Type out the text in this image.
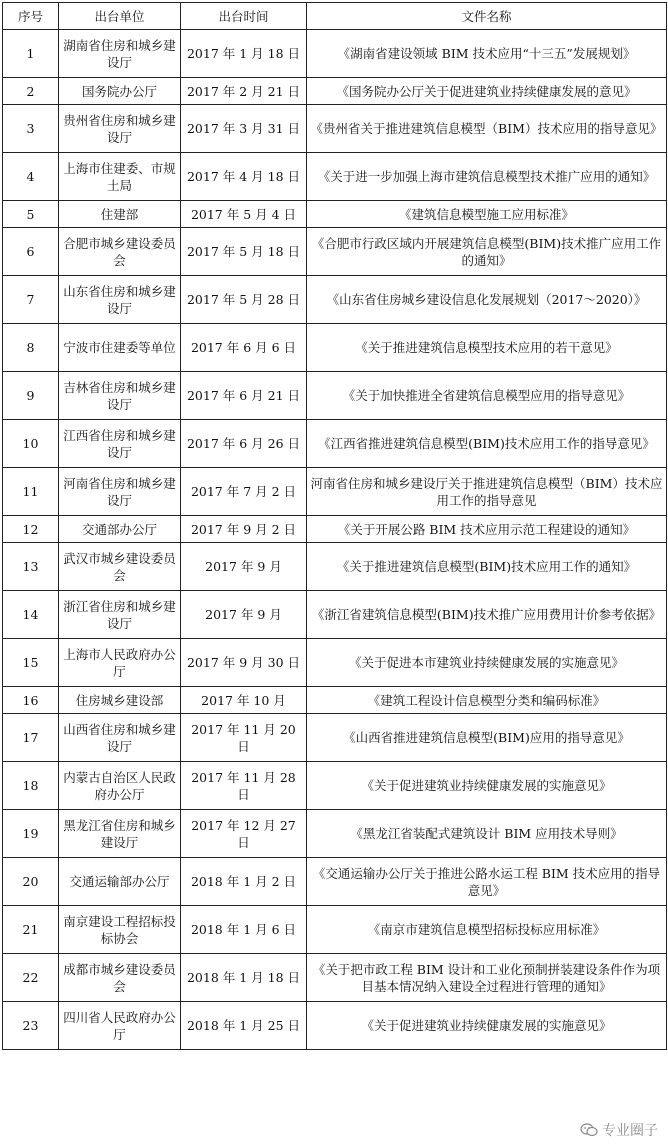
序号	出台单位	出台时间	文件名称
1	湖南省住房和城乡建设厅	2017 年 1 月 18 日	《湖南省建设领域 BIM 技术应用“十三五”发展规划》
2	国务院办公厅	2017 年 2 月 21 日	《国务院办公厅关于促进建筑业持续健康发展的意见》
3	贵州省住房和城乡建设厅	2017 年 3 月 31 日	《贵州省关于推进建筑信息模型（BIM）技术应用的指导意见》
4	上海市住建委、市规土局	2017 年 4 月 18 日	《关于进一步加强上海市建筑信息模型技术推广应用的通知》
5	住建部	2017 年 5 月 4 日	《建筑信息模型施工应用标准》
6	合肥市城乡建设委员会	2017 年 5 月 18 日	《合肥市行政区域内开展建筑信息模型(BIM)技术推广应用工作的通知》
7	山东省住房和城乡建设厅	2017 年 5 月 28 日	《山东省住房城乡建设信息化发展规划（2017～2020）》
8	宁波市住建委等单位	2017 年 6 月 6 日	《关于推进建筑信息模型技术应用的若干意见》
9	吉林省住房和城乡建设厅	2017 年 6 月 21 日	《关于加快推进全省建筑信息模型应用的指导意见》
10	江西省住房和城乡建设厅	2017 年 6 月 26 日	《江西省推进建筑信息模型(BIM)技术应用工作的指导意见》
11	河南省住房和城乡建设厅	2017 年 7 月 2 日	河南省住房和城乡建设厅关于推进建筑信息模型（BIM）技术应用工作的指导意见
12	交通部办公厅	2017 年 9 月 2 日	《关于开展公路 BIM 技术应用示范工程建设的通知》
13	武汉市城乡建设委员会	2017 年 9 月	《关于推进建筑信息模型(BIM)技术应用工作的通知》
14	浙江省住房和城乡建设厅	2017 年 9 月	《浙江省建筑信息模型(BIM)技术推广应用费用计价参考依据》
15	上海市人民政府办公厅	2017 年 9 月 30 日	《关于促进本市建筑业持续健康发展的实施意见》
16	住房城乡建设部	2017 年 10 月	《建筑工程设计信息模型分类和编码标准》
17	山西省住房和城乡建设厅	2017 年 11 月 20 日	《山西省推进建筑信息模型(BIM)应用的指导意见》
18	内蒙古自治区人民政府办公厅	2017 年 11 月 28 日	《关于促进建筑业持续健康发展的实施意见》
19	黑龙江省住房和城乡建设厅	2017 年 12 月 27 日	《黑龙江省装配式建筑设计 BIM 应用技术导则》
20	交通运输部办公厅	2018 年 1 月 2 日	《交通运输办公厅关于推进公路水运工程 BIM 技术应用的指导意见》
21	南京建设工程招标投标协会	2018 年 1 月 6 日	《南京市建筑信息模型招标投标应用标准》
22	成都市城乡建设委员会	2018 年 1 月 18 日	《关于把市政工程 BIM 设计和工业化预制拼装建设条件作为项目基本情况纳入建设全过程进行管理的通知》
23	四川省人民政府办公厅	2018 年 1 月 25 日	《关于促进建筑业持续健康发展的实施意见》
专业圈子
